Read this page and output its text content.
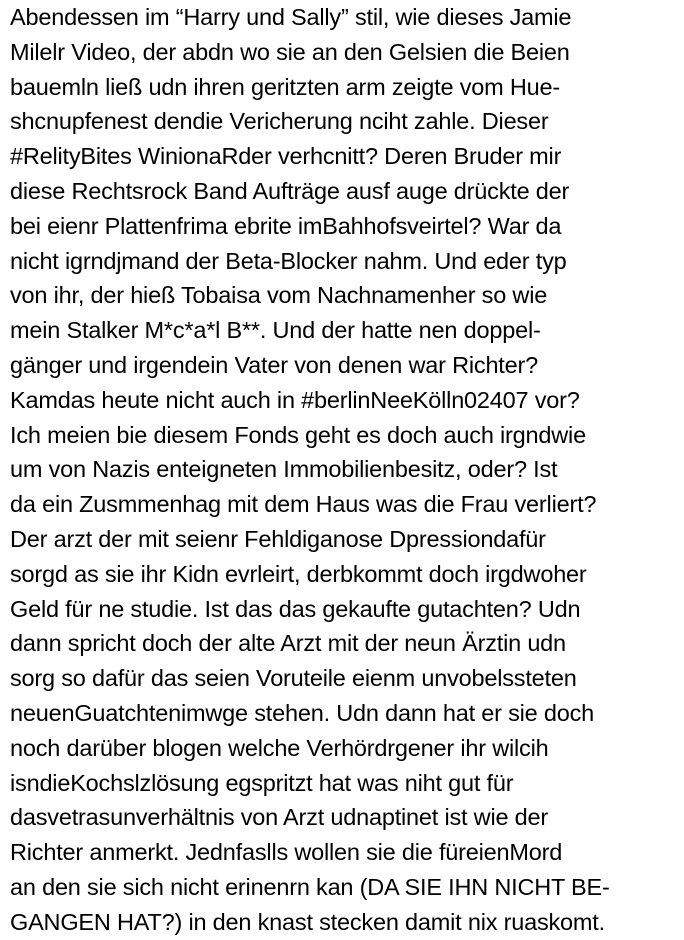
Abendessen im “Harry und Sally” stil, wie dieses Jamie
Milelr Video, der abdn wo sie an den Gelsien die Beien
bauemln ließ udn ihren geritzten arm zeigte vom Hue-
shcnupfenest dendie Vericherung nciht zahle. Dieser
#RelityBites WinionaRder verhcnitt? Deren Bruder mir
diese Rechtsrock Band Aufträge ausf auge drückte der
bei eienr Plattenfrima ebrite imBahhofsveirtel? War da
nicht igrndjmand der Beta-Blocker nahm. Und eder typ
von ihr, der hieß Tobaisa vom Nachnamenher so wie
mein Stalker M*c*a*l B**. Und der hatte nen doppel-
gänger und irgendein Vater von denen war Richter?
Kamdas heute nicht auch in #berlinNeeKölln02407 vor?
Ich meien bie diesem Fonds geht es doch auch irgndwie
um von Nazis enteigneten Immobilienbesitz, oder? Ist
da ein Zusmmenhag mit dem Haus was die Frau verliert?
Der arzt der mit seienr Fehldiganose Dpressiondafür
sorgd as sie ihr Kidn evrleirt, derbkommt doch irgdwoher
Geld für ne studie. Ist das das gekaufte gutachten? Udn
dann spricht doch der alte Arzt mit der neun Ärztin udn
sorg so dafür das seien Voruteile eienm unvobelssteten
neuenGuatchtenimwge stehen. Udn dann hat er sie doch
noch darüber blogen welche Verhördrgener ihr wilcih
isndieKochslzlösung egspritzt hat was niht gut für
dasvetrasunverhältnis von Arzt udnaptinet ist wie der
Richter anmerkt. Jednfaslls wollen sie die füreienMord
an den sie sich nicht erinenrn kan (DA SIE IHN NICHT BE-
GANGEN HAT?) in den knast stecken damit nix ruaskomt.
